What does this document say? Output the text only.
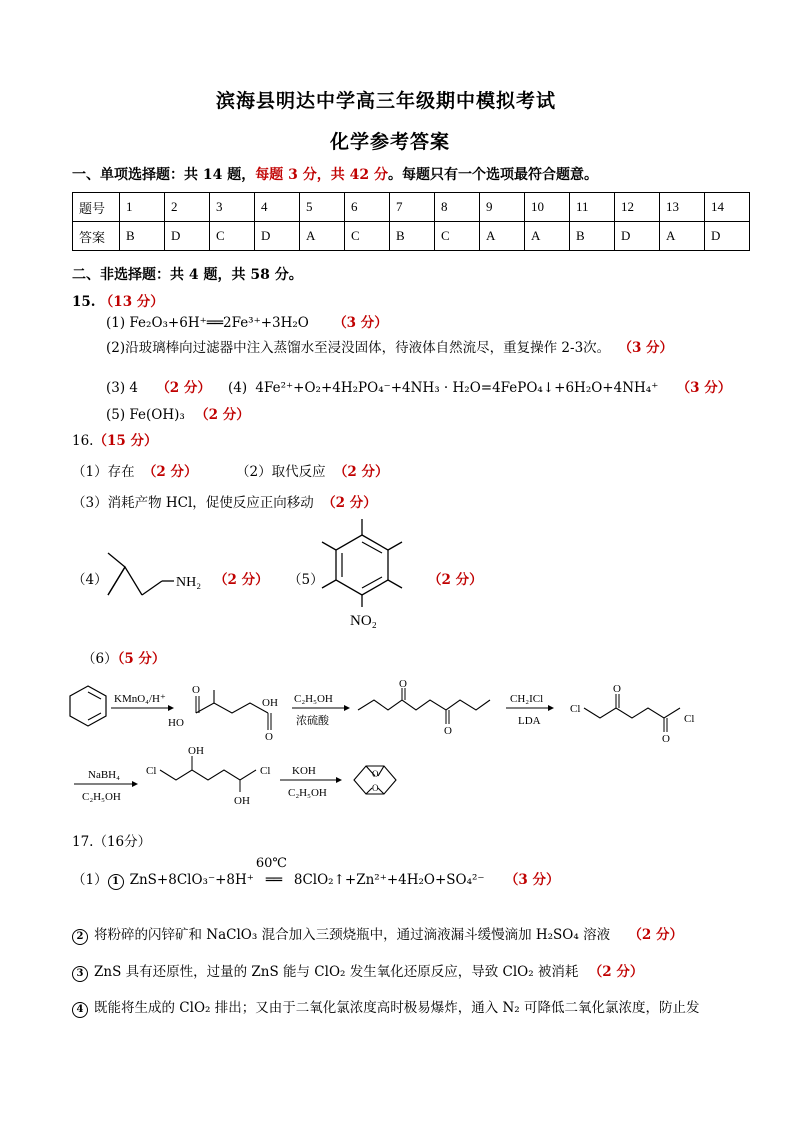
滨海县明达中学高三年级期中模拟考试
化学参考答案
一、单项选择题：共 14 题，每题 3 分，共 42 分。每题只有一个选项最符合题意。
题号	1	2	3	4	5	6	7	8	9	10	11	12	13	14
答案	B	D	C	D	A	C	B	C	A	A	B	D	A	D
二、非选择题：共 4 题，共 58 分。
15. （13 分）
(1) Fe₂O₃+6H⁺══2Fe³⁺+3H₂O （3 分）
(2)沿玻璃棒向过滤器中注入蒸馏水至浸没固体，待液体自然流尽，重复操作 2-3次。 （3 分）
(3) 4 （2 分） (4) 4Fe²⁺+O₂+4H₂PO₄⁻+4NH₃ · H₂O=4FePO₄↓+6H₂O+4NH₄⁺ （3 分）
(5) Fe(OH)₃ （2 分）
16.（15 分）
（1）存在 （2 分）	（2）取代反应 （2 分）
（3）消耗产物 HCl，促使反应正向移动 （2 分）
（4）	NH₂ （2 分） （5）
NO₂
（2 分）
（6）（5 分）
KMnO₄/H⁺
O
O
HO
OH C₂H₅OH
浓硫酸
O
O
CH₂ICl
LDA
Cl
O
O
Cl
NaBH₄
C₂H₅OH
Cl
OH
OH
Cl KOH
C₂H₅OH
O
O
17.（16分）
（1） 1 ZnS+8ClO₃⁻+8H⁺
60℃
══ 8ClO₂↑+Zn²⁺+4H₂O+SO₄²⁻ （3 分）
2 将粉碎的闪锌矿和 NaClO₃ 混合加入三颈烧瓶中，通过滴液漏斗缓慢滴加 H₂SO₄ 溶液 （2 分）
3 ZnS 具有还原性，过量的 ZnS 能与 ClO₂ 发生氧化还原反应，导致 ClO₂ 被消耗 （2 分）
4 既能将生成的 ClO₂ 排出；又由于二氧化氯浓度高时极易爆炸，通入 N₂ 可降低二氧化氯浓度，防止发
